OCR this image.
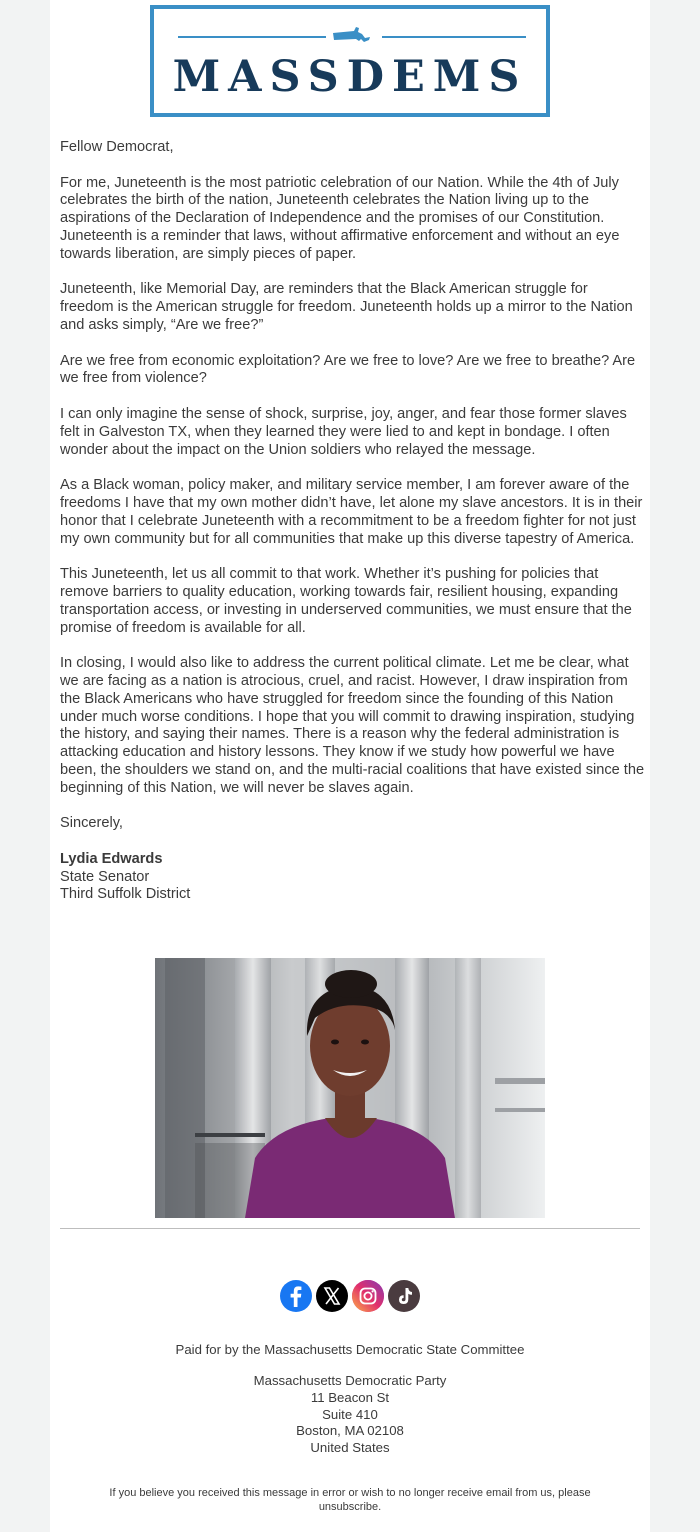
MASSDEMS

Fellow Democrat,

For me, Juneteenth is the most patriotic celebration of our Nation. While the 4th of July celebrates the birth of the nation, Juneteenth celebrates the Nation living up to the aspirations of the Declaration of Independence and the promises of our Constitution. Juneteenth is a reminder that laws, without affirmative enforcement and without an eye towards liberation, are simply pieces of paper.

Juneteenth, like Memorial Day, are reminders that the Black American struggle for freedom is the American struggle for freedom. Juneteenth holds up a mirror to the Nation and asks simply, “Are we free?”

Are we free from economic exploitation? Are we free to love? Are we free to breathe? Are we free from violence?

I can only imagine the sense of shock, surprise, joy, anger, and fear those former slaves felt in Galveston TX, when they learned they were lied to and kept in bondage. I often wonder about the impact on the Union soldiers who relayed the message.

As a Black woman, policy maker, and military service member, I am forever aware of the freedoms I have that my own mother didn’t have, let alone my slave ancestors. It is in their honor that I celebrate Juneteenth with a recommitment to be a freedom fighter for not just my own community but for all communities that make up this diverse tapestry of America.

This Juneteenth, let us all commit to that work. Whether it’s pushing for policies that remove barriers to quality education, working towards fair, resilient housing, expanding transportation access, or investing in underserved communities, we must ensure that the promise of freedom is available for all.

In closing, I would also like to address the current political climate. Let me be clear, what we are facing as a nation is atrocious, cruel, and racist. However, I draw inspiration from the Black Americans who have struggled for freedom since the founding of this Nation under much worse conditions. I hope that you will commit to drawing inspiration, studying the history, and saying their names. There is a reason why the federal administration is attacking education and history lessons. They know if we study how powerful we have been, the shoulders we stand on, and the multi-racial coalitions that have existed since the beginning of this Nation, we will never be slaves again.

Sincerely,

Lydia Edwards

State Senator

Third Suffolk District

Paid for by the Massachusetts Democratic State Committee

Massachusetts Democratic Party

11 Beacon St

Suite 410

Boston, MA 02108

United States

If you believe you received this message in error or wish to no longer receive email from us, please unsubscribe.
